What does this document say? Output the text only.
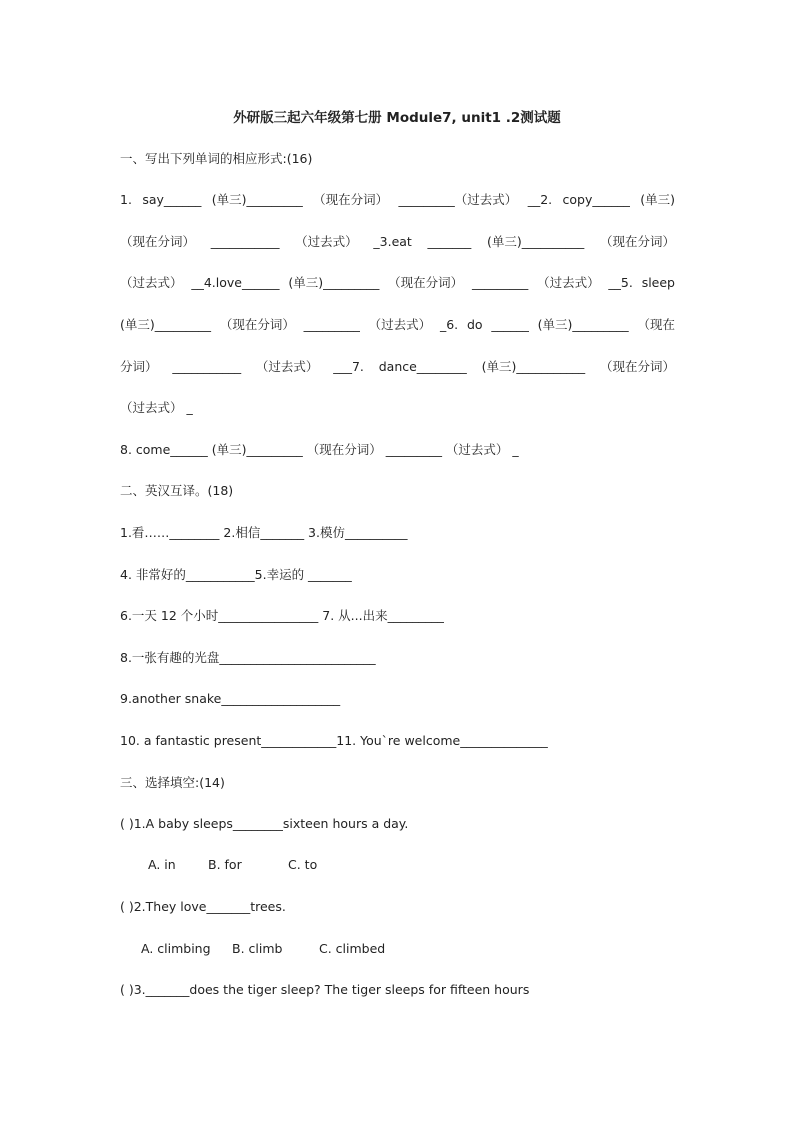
外研版三起六年级第七册 Module7, unit1 .2测试题
一、写出下列单词的相应形式:(16)
1. say______ (单三)_________ （现在分词） _________（过去式） __2. copy______ (单三)
（现在分词） ___________ （过去式） _3.eat _______ (单三)__________ （现在分词）
（过去式） __4.love______ (单三)_________ （现在分词） _________ （过去式） __5. sleep
(单三)_________ （现在分词） _________ （过去式） _6. do ______ (单三)_________ （现在
分词） ___________ （过去式） ___7. dance________ (单三)___________ （现在分词）
（过去式） _
8. come______ (单三)_________ （现在分词） _________ （过去式） _
二、英汉互译。(18)
1.看……________ 2.相信_______ 3.模仿__________
4. 非常好的___________5.幸运的 _______
6.一天 12 个小时________________ 7. 从...出来_________
8.一张有趣的光盘_________________________
9.another snake___________________
10. a fantastic present____________11. You`re welcome______________
三、选择填空:(14)
( )1.A baby sleeps________sixteen hours a day.
A. in	B. for	C. to
( )2.They love_______trees.
A. climbing B. climb	C. climbed
( )3._______does the tiger sleep? The tiger sleeps for fifteen hours
